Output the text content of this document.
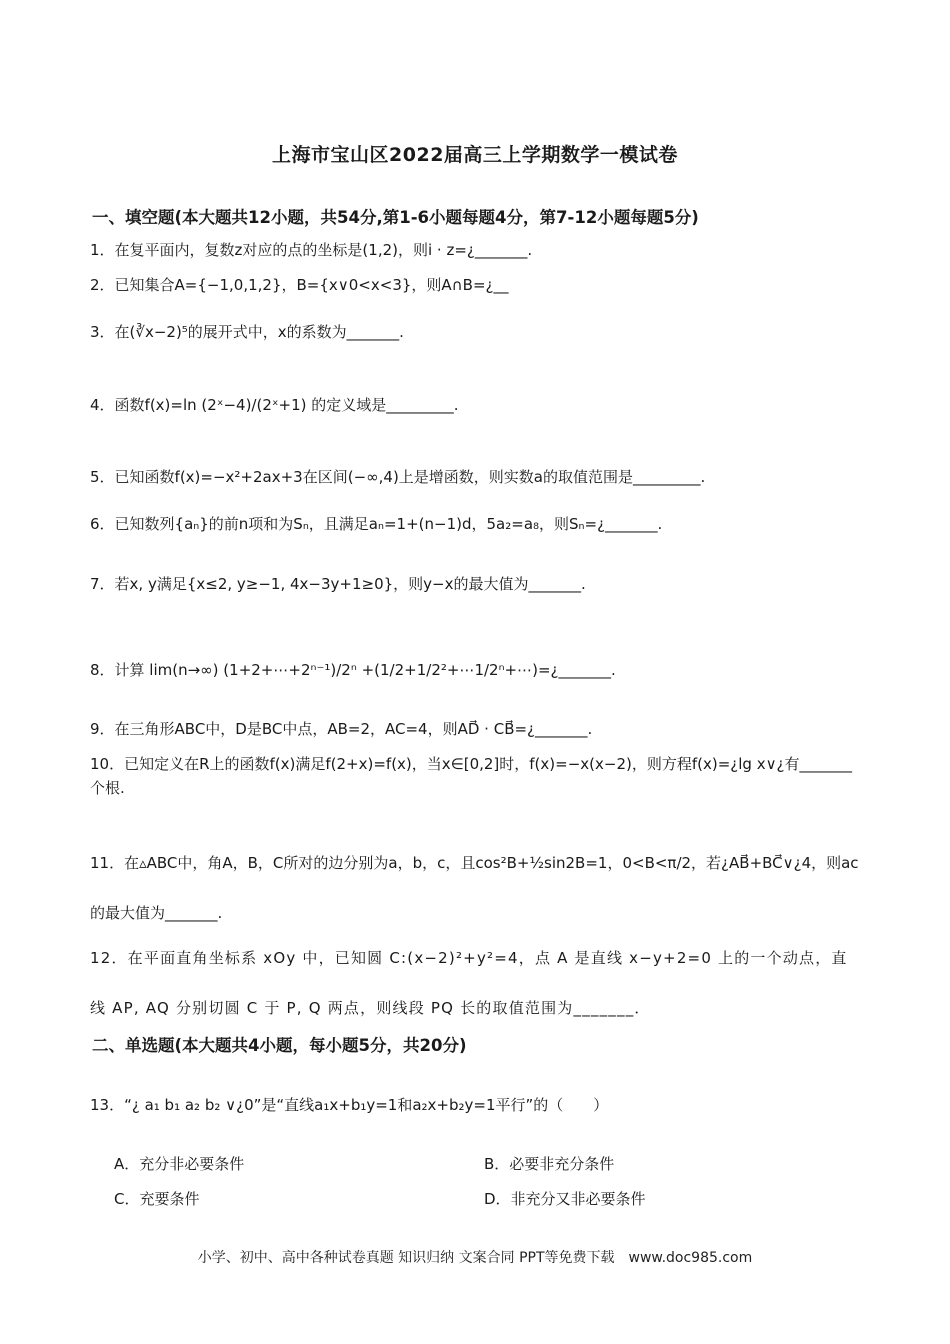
上海市宝山区2022届高三上学期数学一模试卷
一、填空题(本大题共12小题，共54分,第1-6小题每题4分，第7-12小题每题5分)
1．在复平面内，复数z对应的点的坐标是(1,2)，则i · z=¿_______.
2．已知集合A={−1,0,1,2}，B={x∨0<x<3}，则A∩B=¿__
3．在(∛x−2)⁵的展开式中，x的系数为_______.
4．函数f(x)=ln (2ˣ−4)/(2ˣ+1) 的定义域是_________.
5．已知函数f(x)=−x²+2ax+3在区间(−∞,4)上是增函数，则实数a的取值范围是_________.
6．已知数列{aₙ}的前n项和为Sₙ，且满足aₙ=1+(n−1)d，5a₂=a₈，则Sₙ=¿_______.
7．若x, y满足{x≤2, y≥−1, 4x−3y+1≥0}，则y−x的最大值为_______.
8．计算 lim(n→∞) (1+2+⋯+2ⁿ⁻¹)/2ⁿ +(1/2+1/2²+⋯1/2ⁿ+⋯)=¿_______.
9．在三角形ABC中，D是BC中点，AB=2，AC=4，则AD⃗ · CB⃗=¿_______.
10．已知定义在R上的函数f(x)满足f(2+x)=f(x)，当x∈[0,2]时，f(x)=−x(x−2)，则方程f(x)=¿lg x∨¿有_______个根.
11．在▵ABC中，角A，B，C所对的边分别为a，b，c，且cos²B+½sin2B=1，0<B<π/2，若¿AB⃗+BC⃗∨¿4，则ac的最大值为_______.
12．在平面直角坐标系 xOy 中，已知圆 C:(x−2)²+y²=4，点 A 是直线 x−y+2=0 上的一个动点，直线 AP, AQ 分别切圆 C 于 P, Q 两点，则线段 PQ 长的取值范围为_______．
二、单选题(本大题共4小题，每小题5分，共20分)
13．“¿ a₁ b₁ a₂ b₂ ∨¿0”是“直线a₁x+b₁y=1和a₂x+b₂y=1平行”的（　　）
A．充分非必要条件	B．必要非充分条件
C．充要条件	D．非充分又非必要条件
小学、初中、高中各种试卷真题 知识归纳 文案合同 PPT等免费下载　www.doc985.com
